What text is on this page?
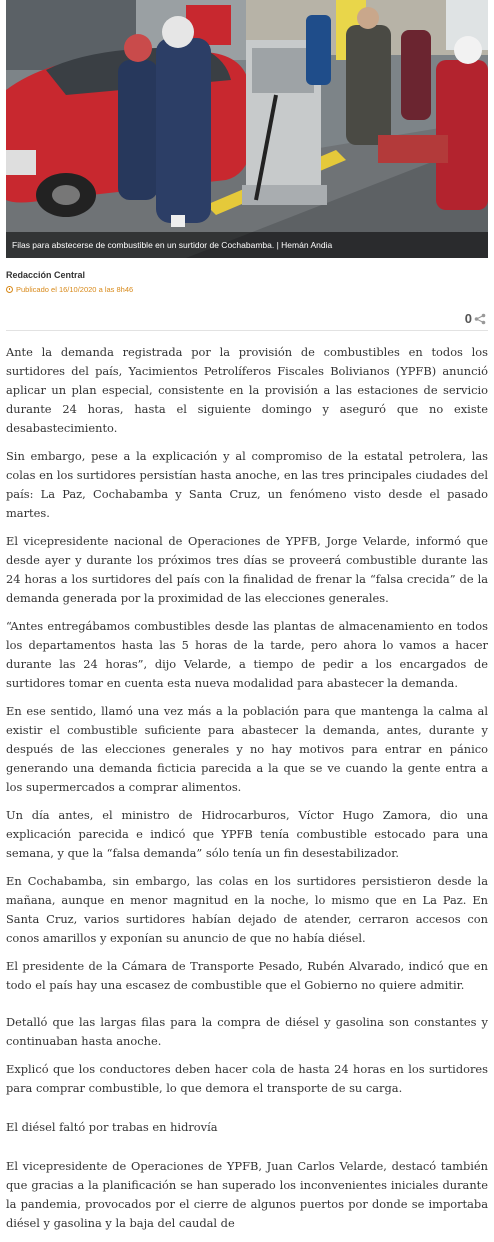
Filas para abstecerse de combustible en un surtidor de Cochabamba. | Hemán Andia
Redacción Central
Publicado el 16/10/2020 a las 8h46
0

Ante la demanda registrada por la provisión de combustibles en todos los surtidores del país, Yacimientos Petrolíferos Fiscales Bolivianos (YPFB) anunció aplicar un plan especial, consistente en la provisión a las estaciones de servicio durante 24 horas, hasta el siguiente domingo y aseguró que no existe desabastecimiento.

Sin embargo, pese a la explicación y al compromiso de la estatal petrolera, las colas en los surtidores persistían hasta anoche, en las tres principales ciudades del país: La Paz, Cochabamba y Santa Cruz, un fenómeno visto desde el pasado martes.

El vicepresidente nacional de Operaciones de YPFB, Jorge Velarde, informó que desde ayer y durante los próximos tres días se proveerá combustible durante las 24 horas a los surtidores del país con la finalidad de frenar la “falsa crecida” de la demanda generada por la proximidad de las elecciones generales.

“Antes entregábamos combustibles desde las plantas de almacenamiento en todos los departamentos hasta las 5 horas de la tarde, pero ahora lo vamos a hacer durante las 24 horas”, dijo Velarde, a tiempo de pedir a los encargados de surtidores tomar en cuenta esta nueva modalidad para abastecer la demanda.

En ese sentido, llamó una vez más a la población para que mantenga la calma al existir el combustible suficiente para abastecer la demanda, antes, durante y después de las elecciones generales y no hay motivos para entrar en pánico generando una demanda ficticia parecida a la que se ve cuando la gente entra a los supermercados a comprar alimentos.

Un día antes, el ministro de Hidrocarburos, Víctor Hugo Zamora, dio una explicación parecida e indicó que YPFB tenía combustible estocado para una semana, y que la “falsa demanda” sólo tenía un fin desestabilizador.

En Cochabamba, sin embargo, las colas en los surtidores persistieron desde la mañana, aunque en menor magnitud en la noche, lo mismo que en La Paz. En Santa Cruz, varios surtidores habían dejado de atender, cerraron accesos con conos amarillos y exponían su anuncio de que no había diésel.

El presidente de la Cámara de Transporte Pesado, Rubén Alvarado, indicó que en todo el país hay una escasez de combustible que el Gobierno no quiere admitir.

Detalló que las largas filas para la compra de diésel y gasolina son constantes y continuaban hasta anoche.

Explicó que los conductores deben hacer cola de hasta 24 horas en los surtidores para comprar combustible, lo que demora el transporte de su carga.

El diésel faltó por trabas en hidrovía

El vicepresidente de Operaciones de YPFB, Juan Carlos Velarde, destacó también que gracias a la planificación se han superado los inconvenientes iniciales durante la pandemia, provocados por el cierre de algunos puertos por donde se importaba diésel y gasolina y la baja del caudal de
